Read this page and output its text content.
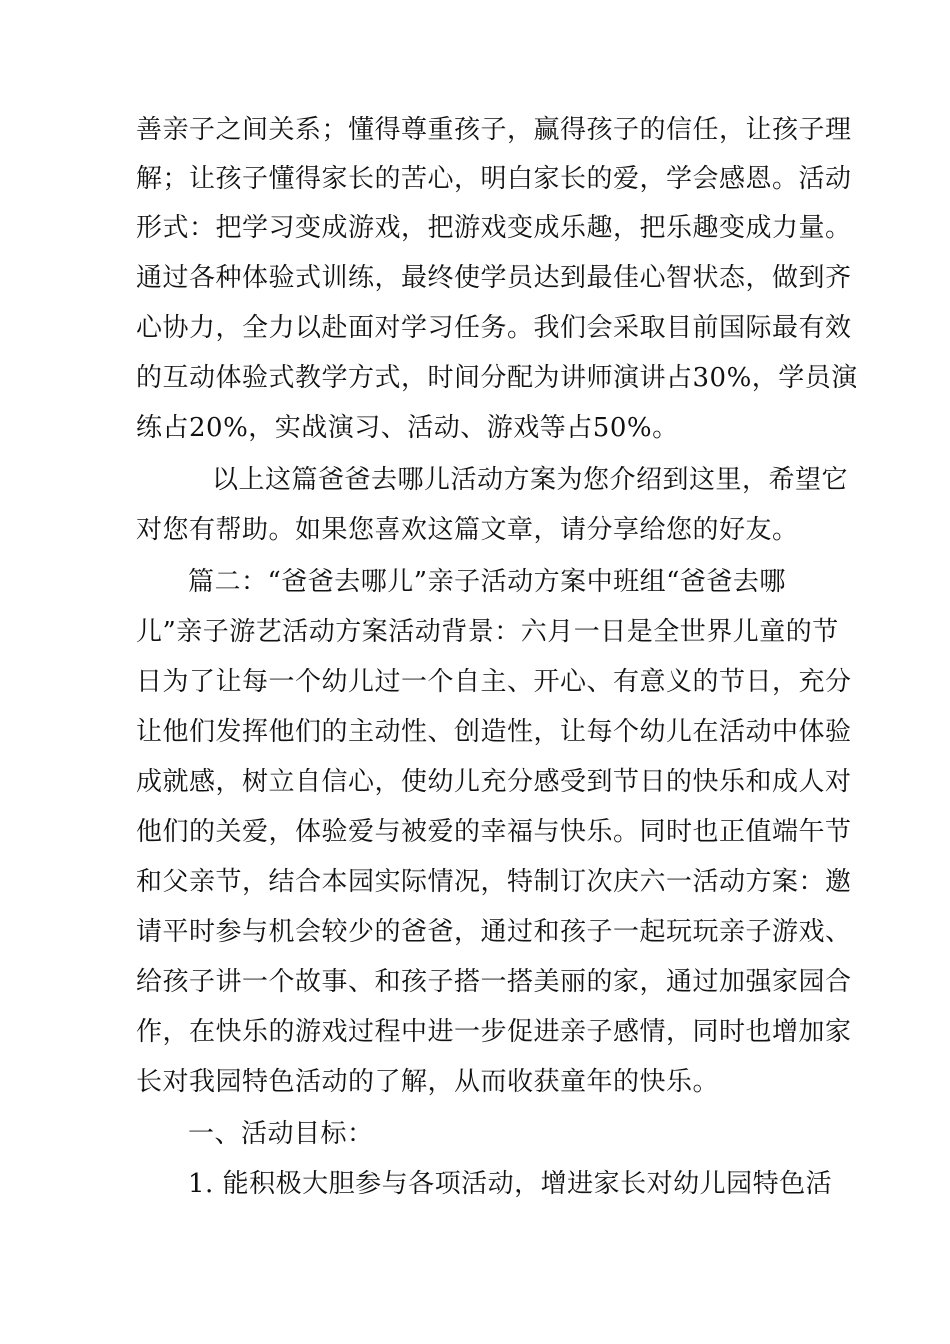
善亲子之间关系；懂得尊重孩子，赢得孩子的信任，让孩子理
解；让孩子懂得家长的苦心，明白家长的爱，学会感恩。活动
形式：把学习变成游戏，把游戏变成乐趣，把乐趣变成力量。
通过各种体验式训练，最终使学员达到最佳心智状态，做到齐
心协力，全力以赴面对学习任务。我们会采取目前国际最有效
的互动体验式教学方式，时间分配为讲师演讲占30%，学员演
练占20%，实战演习、活动、游戏等占50%。
以上这篇爸爸去哪儿活动方案为您介绍到这里，希望它
对您有帮助。如果您喜欢这篇文章，请分享给您的好友。
篇二：“爸爸去哪儿”亲子活动方案中班组“爸爸去哪
儿”亲子游艺活动方案活动背景：六月一日是全世界儿童的节
日为了让每一个幼儿过一个自主、开心、有意义的节日，充分
让他们发挥他们的主动性、创造性，让每个幼儿在活动中体验
成就感，树立自信心，使幼儿充分感受到节日的快乐和成人对
他们的关爱，体验爱与被爱的幸福与快乐。同时也正值端午节
和父亲节，结合本园实际情况，特制订次庆六一活动方案：邀
请平时参与机会较少的爸爸，通过和孩子一起玩玩亲子游戏、
给孩子讲一个故事、和孩子搭一搭美丽的家，通过加强家园合
作，在快乐的游戏过程中进一步促进亲子感情，同时也增加家
长对我园特色活动的了解，从而收获童年的快乐。
一、活动目标：
1. 能积极大胆参与各项活动，增进家长对幼儿园特色活
